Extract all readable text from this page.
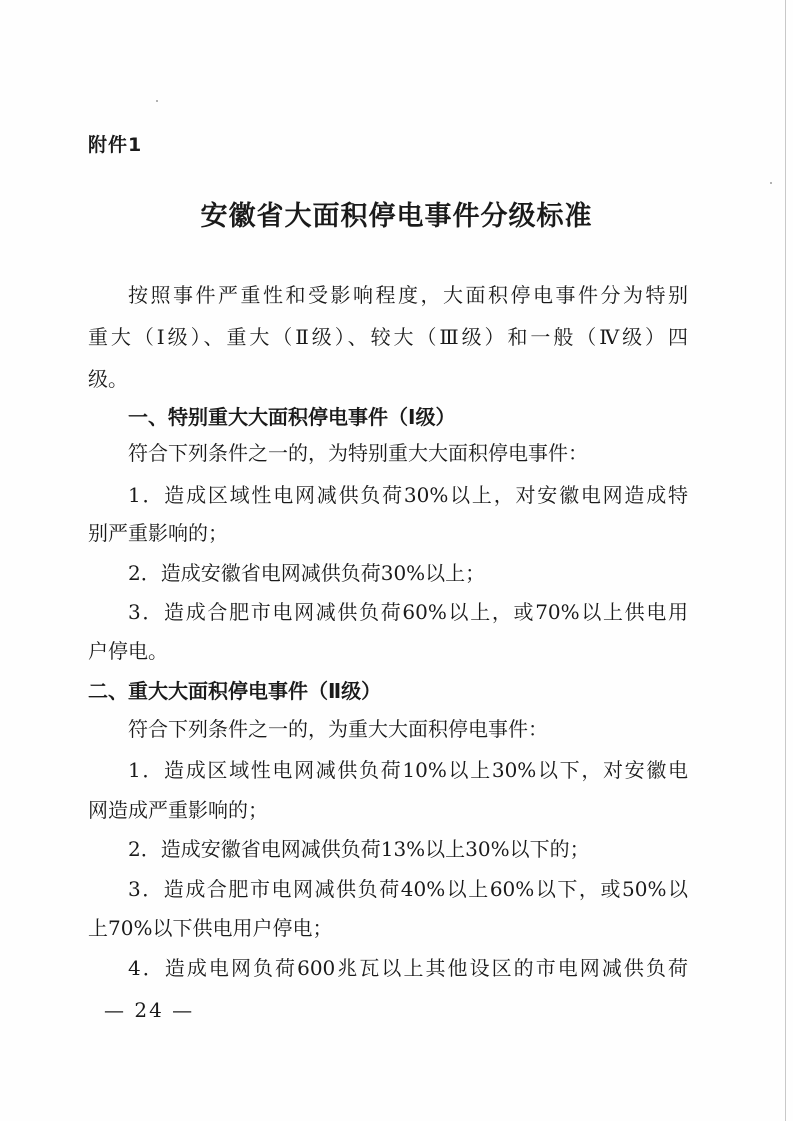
附件1

安徽省大面积停电事件分级标准

按照事件严重性和受影响程度，大面积停电事件分为特别

重大（Ⅰ级）、重大（Ⅱ级）、较大（Ⅲ级）和一般（Ⅳ级）四

级。

一、特别重大大面积停电事件（Ⅰ级）

符合下列条件之一的，为特别重大大面积停电事件：

1．造成区域性电网减供负荷30%以上，对安徽电网造成特

别严重影响的；

2．造成安徽省电网减供负荷30%以上；

3．造成合肥市电网减供负荷60%以上，或70%以上供电用

户停电。

二、重大大面积停电事件（Ⅱ级）

符合下列条件之一的，为重大大面积停电事件：

1．造成区域性电网减供负荷10%以上30%以下，对安徽电

网造成严重影响的；

2．造成安徽省电网减供负荷13%以上30%以下的；

3．造成合肥市电网减供负荷40%以上60%以下，或50%以

上70%以下供电用户停电；

4．造成电网负荷600兆瓦以上其他设区的市电网减供负荷

— 24 —
